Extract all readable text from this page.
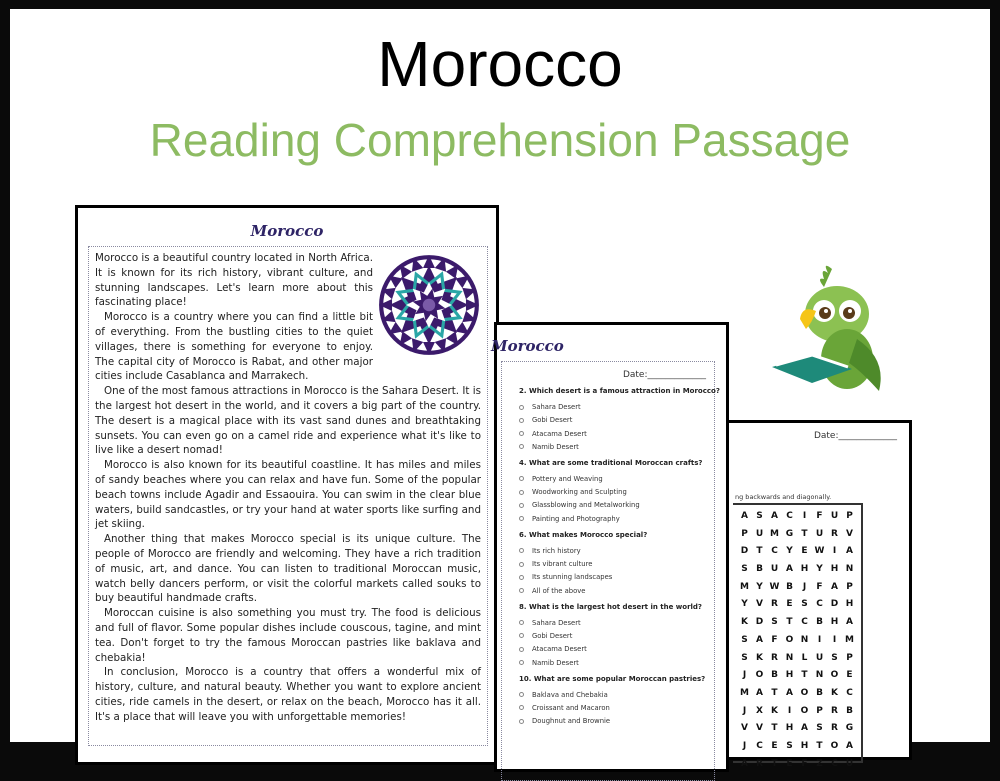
Morocco
Reading Comprehension Passage
Morocco

Morocco is a beautiful country located in North Africa. It is known for its rich history, vibrant culture, and stunning landscapes. Let's learn more about this fascinating place!

Morocco is a country where you can find a little bit of everything. From the bustling cities to the quiet villages, there is something for everyone to enjoy. The capital city of Morocco is Rabat, and other major cities include Casablanca and Marrakech.

One of the most famous attractions in Morocco is the Sahara Desert. It is the largest hot desert in the world, and it covers a big part of the country. The desert is a magical place with its vast sand dunes and breathtaking sunsets. You can even go on a camel ride and experience what it's like to live like a desert nomad!

Morocco is also known for its beautiful coastline. It has miles and miles of sandy beaches where you can relax and have fun. Some of the popular beach towns include Agadir and Essaouira. You can swim in the clear blue waters, build sandcastles, or try your hand at water sports like surfing and jet skiing.

Another thing that makes Morocco special is its unique culture. The people of Morocco are friendly and welcoming. They have a rich tradition of music, art, and dance. You can listen to traditional Moroccan music, watch belly dancers perform, or visit the colorful markets called souks to buy beautiful handmade crafts.

Moroccan cuisine is also something you must try. The food is delicious and full of flavor. Some popular dishes include couscous, tagine, and mint tea. Don't forget to try the famous Moroccan pastries like baklava and chebakia!

In conclusion, Morocco is a country that offers a wonderful mix of history, culture, and natural beauty. Whether you want to explore ancient cities, ride camels in the desert, or relax on the beach, Morocco has it all. It's a place that will leave you with unforgettable memories!

Morocco
Date:_____________
2. Which desert is a famous attraction in Morocco?
Sahara Desert
Gobi Desert
Atacama Desert
Namib Desert
4. What are some traditional Moroccan crafts?
Pottery and Weaving
Woodworking and Sculpting
Glassblowing and Metalworking
Painting and Photography
6. What makes Morocco special?
Its rich history
Its vibrant culture
Its stunning landscapes
All of the above
8. What is the largest hot desert in the world?
Sahara Desert
Gobi Desert
Atacama Desert
Namib Desert
10. What are some popular Moroccan pastries?
Baklava and Chebakia
Croissant and Macaron
Doughnut and Brownie
Date:_____________
ng backwards and diagonally.
A S A C	I	F U P
P U M G T U R V
D T C Y E W I	A
S B U A H Y H N
M Y W B	J	F A P
Y V R E S C D H
K D S T C B H A
S A F O N	I	I M
S K R N L U S P
J	O B H T N O E
M A T A O B K C
J	X K	I	O P R B
V V T H A S R G
J	C E S H T O A
A R T E F Z C U
